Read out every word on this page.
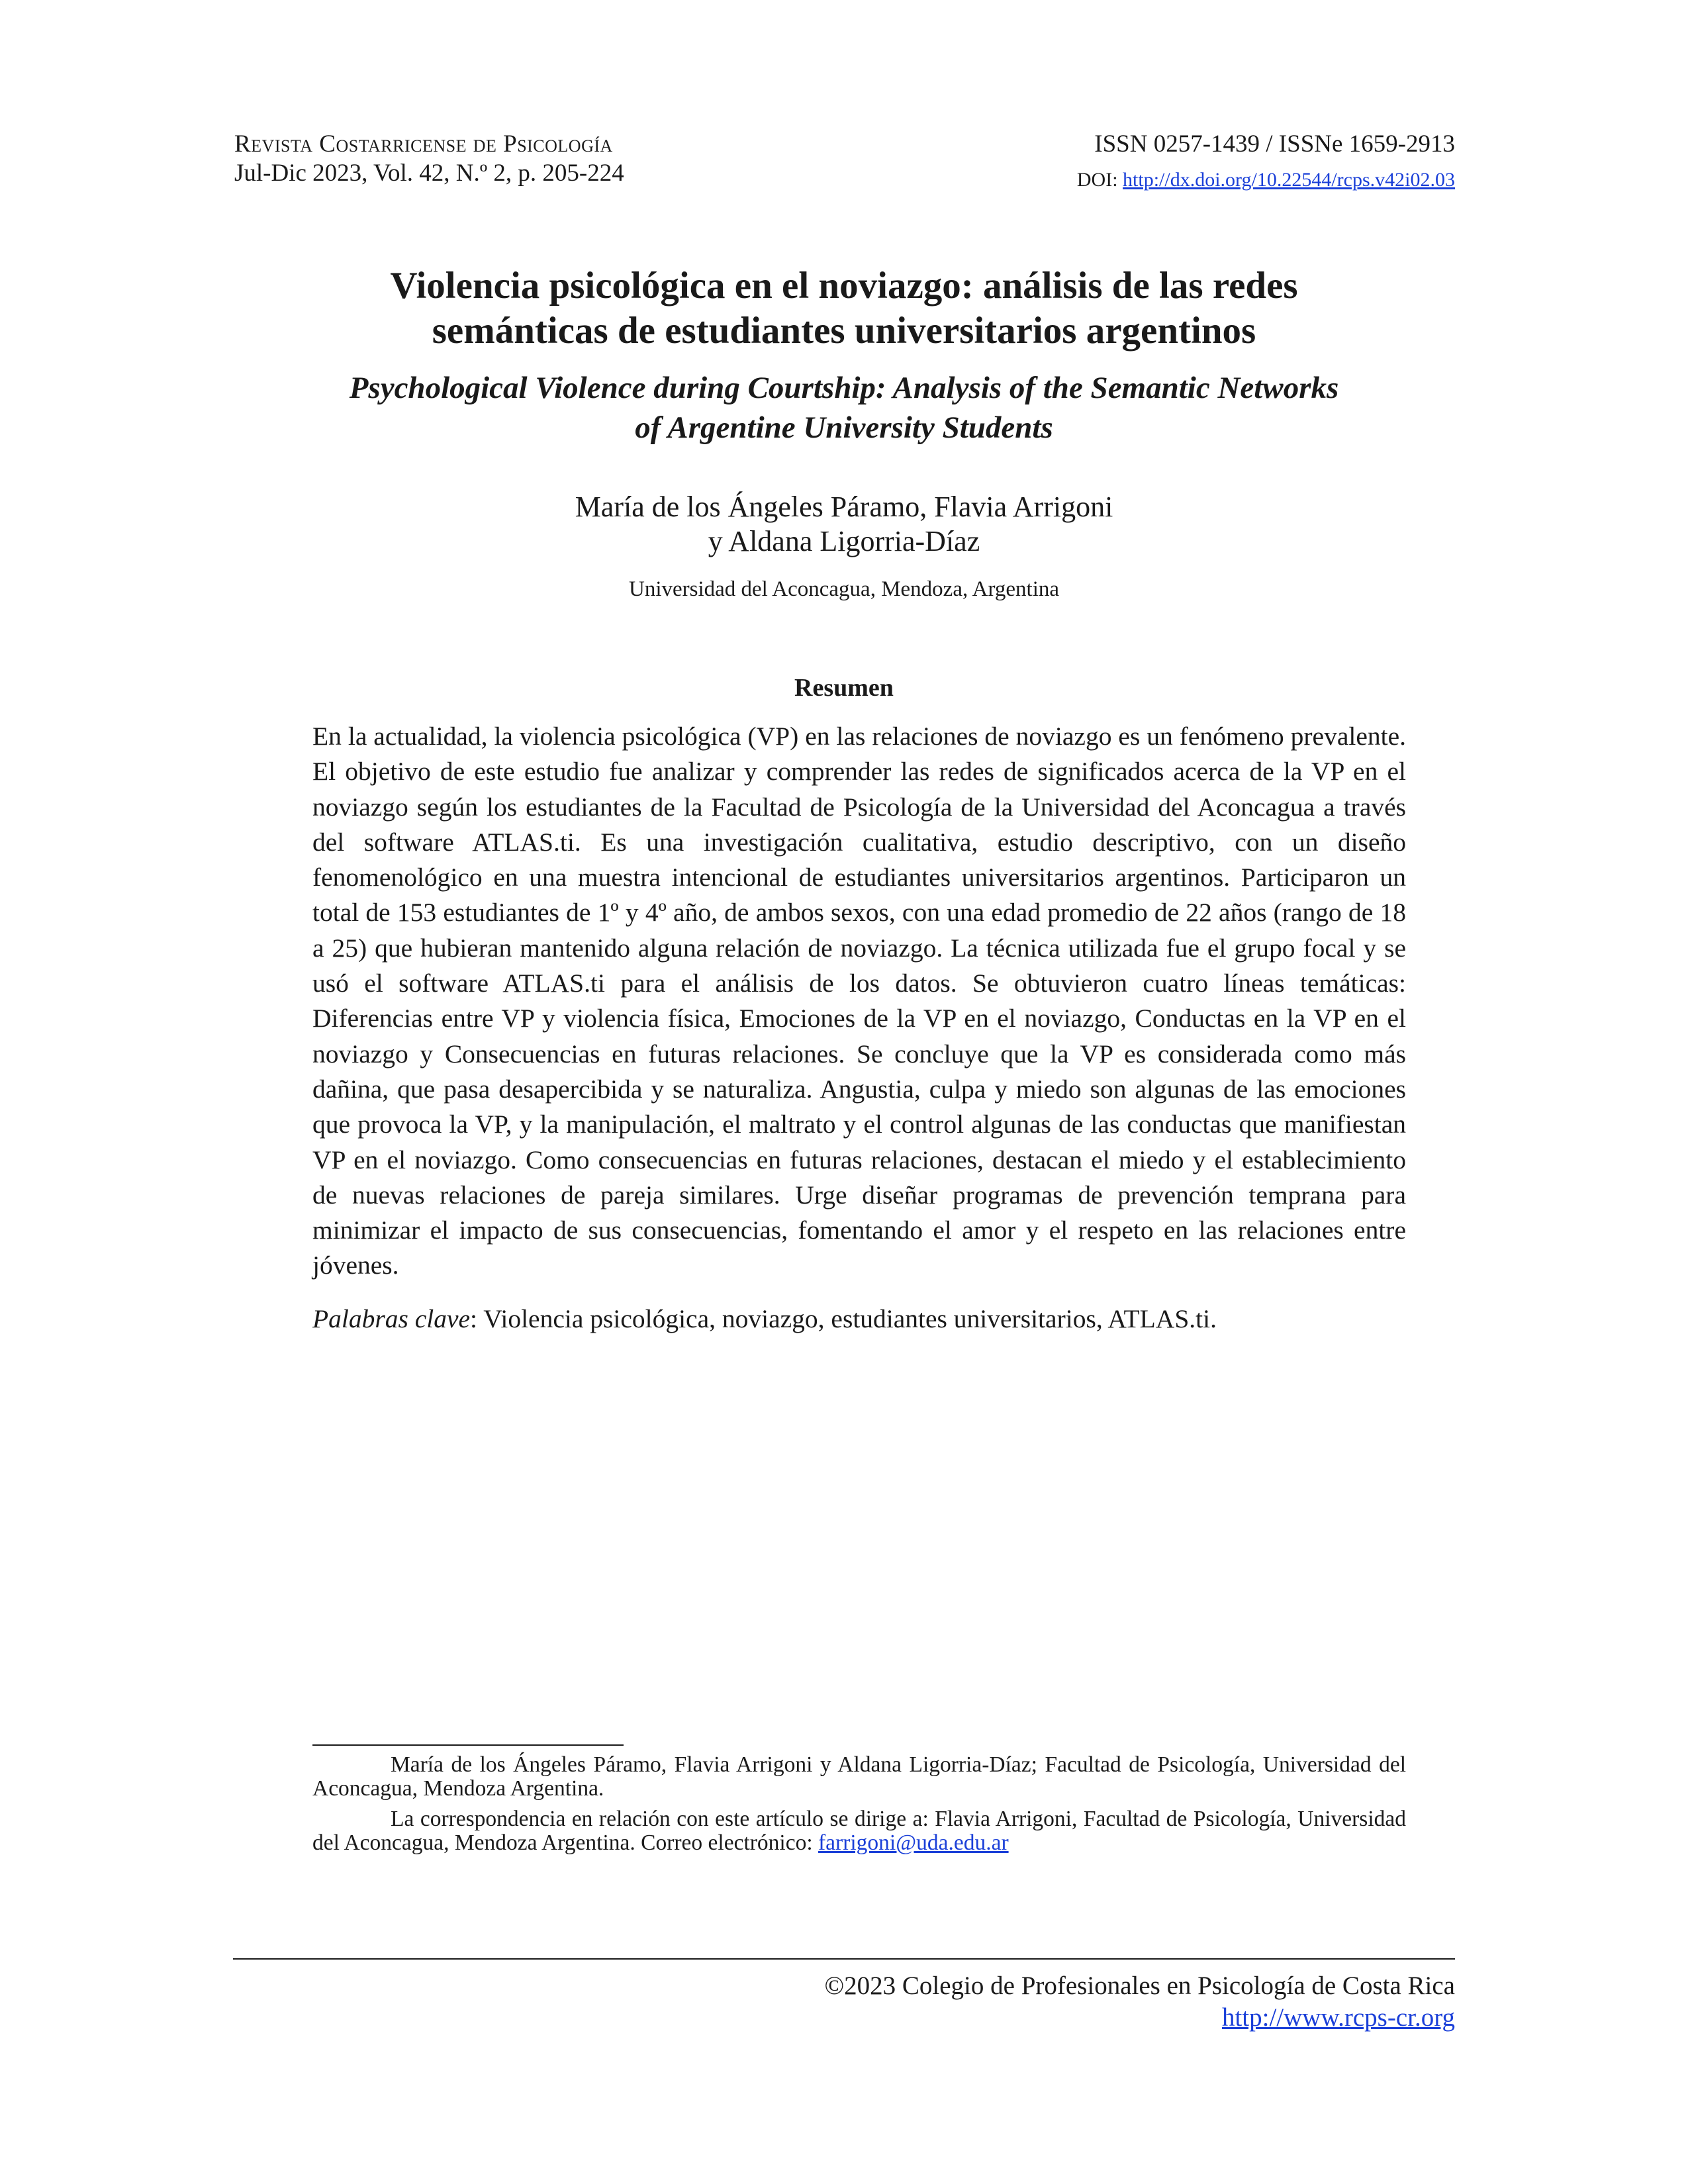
Revista Costarricense de Psicología
Jul-Dic 2023, Vol. 42, N.º 2, p. 205-224
ISSN 0257-1439 / ISSNe 1659-2913
DOI: http://dx.doi.org/10.22544/rcps.v42i02.03
Violencia psicológica en el noviazgo: análisis de las redes
semánticas de estudiantes universitarios argentinos
Psychological Violence during Courtship: Analysis of the Semantic Networks
of Argentine University Students
María de los Ángeles Páramo, Flavia Arrigoni
y Aldana Ligorria-Díaz
Universidad del Aconcagua, Mendoza, Argentina
Resumen

En la actualidad, la violencia psicológica (VP) en las relaciones de noviazgo es un fenómeno prevalente. El objetivo de este estudio fue analizar y comprender las redes de significados acerca de la VP en el noviazgo según los estudiantes de la Facultad de Psicología de la Universidad del Aconcagua a través del software ATLAS.ti. Es una investigación cualitativa, estudio descriptivo, con un diseño fenomenológico en una muestra intencional de estudiantes universitarios argentinos. Participaron un total de 153 estudiantes de 1º y 4º año, de ambos sexos, con una edad promedio de 22 años (rango de 18 a 25) que hubieran mantenido alguna relación de noviazgo. La técnica utilizada fue el grupo focal y se usó el software ATLAS.ti para el análisis de los datos. Se obtuvieron cuatro líneas temáticas: Diferencias entre VP y violencia física, Emociones de la VP en el noviazgo, Conductas en la VP en el noviazgo y Consecuencias en futuras relaciones. Se concluye que la VP es considerada como más dañina, que pasa desapercibida y se naturaliza. Angustia, culpa y miedo son algunas de las emociones que provoca la VP, y la manipulación, el maltrato y el control algunas de las conductas que manifiestan VP en el noviazgo. Como consecuencias en futuras relaciones, destacan el miedo y el establecimiento de nuevas relaciones de pareja similares. Urge diseñar programas de prevención temprana para minimizar el impacto de sus consecuencias, fomentando el amor y el respeto en las relaciones entre jóvenes.

Palabras clave: Violencia psicológica, noviazgo, estudiantes universitarios, ATLAS.ti.

María de los Ángeles Páramo, Flavia Arrigoni y Aldana Ligorria-Díaz; Facultad de Psicología, Universidad del Aconcagua, Mendoza Argentina.

La correspondencia en relación con este artículo se dirige a: Flavia Arrigoni, Facultad de Psicología, Universidad del Aconcagua, Mendoza Argentina. Correo electrónico: farrigoni@uda.edu.ar

©2023 Colegio de Profesionales en Psicología de Costa Rica
http://www.rcps-cr.org
